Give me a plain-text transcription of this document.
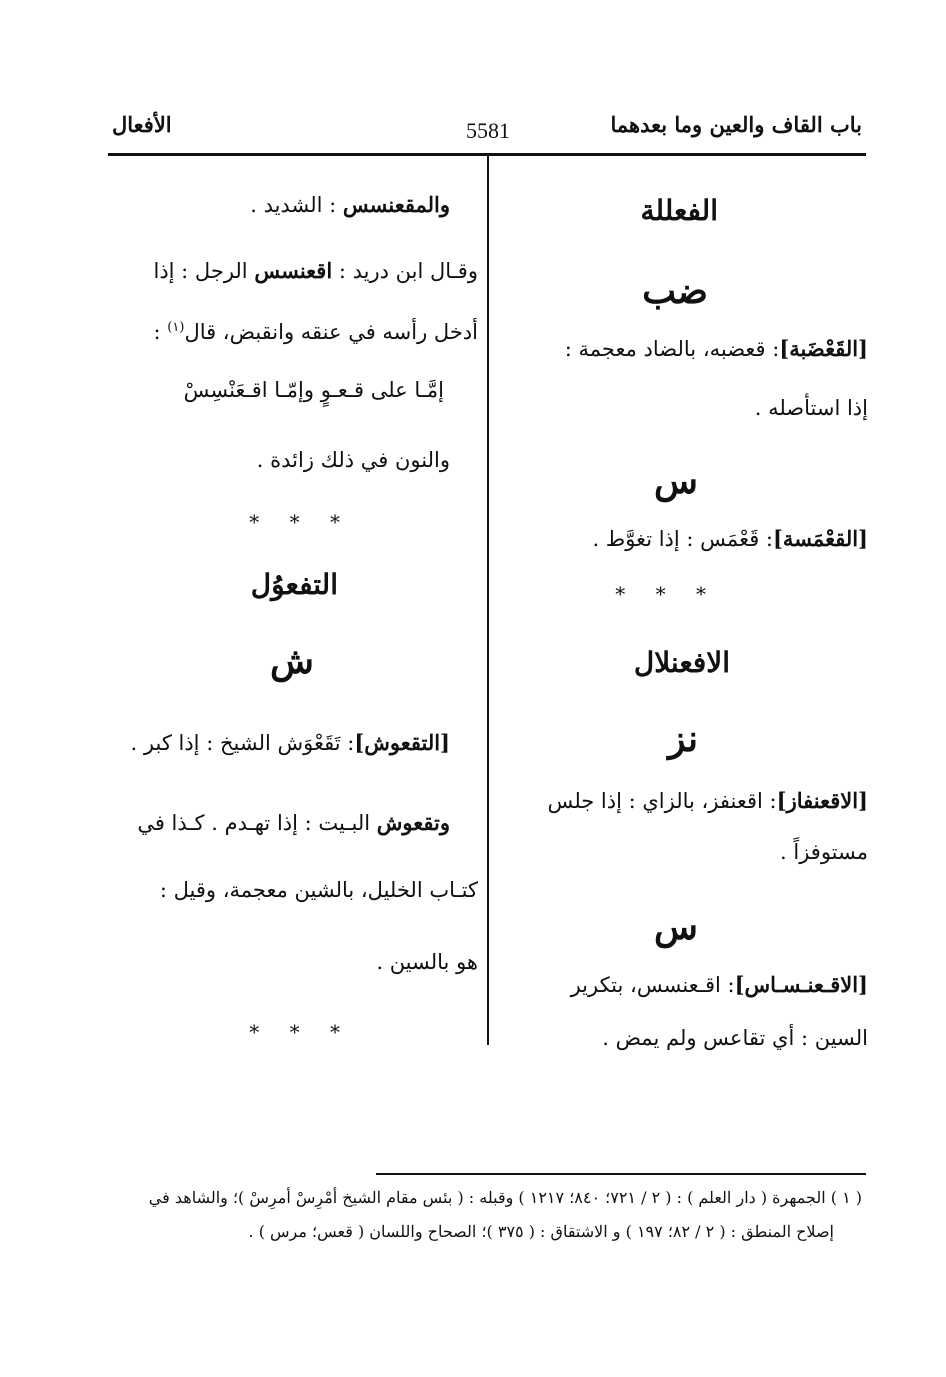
باب القاف والعين وما بعدهما
5581
الأفعال
الفعللة
ضب
[القَعْضَبة]: قعضبه، بالضاد معجمة :
إذا استأصله .
س
[القعْمَسة]: قَعْمَس : إذا تغوَّط .
* * *
الافعنلال
نز
[الاقعنفاز]: اقعنفز، بالزاي : إذا جلس
مستوفزاً .
س
[الاقـعنـسـاس]: اقـعنسس، بتكرير
السين : أي تقاعس ولم يمض .
والمقعنسس : الشديد .
وقـال ابن دريد : اقعنسس الرجل : إذا
أدخل رأسه في عنقه وانقبض، قال$^{(١)}$ :
إمَّـا على قـعـوٍ وإمّـا اقـعَنْسِسْ
والنون في ذلك زائدة .
* * *
التفعوُل
ش
[التقعوش]: تَقَعْوَش الشيخ : إذا كبر .
وتقعوش البـيت : إذا تهـدم . كـذا في
كتـاب الخليل، بالشين معجمة، وقيل :
هو بالسين .
* * *
( ١ ) الجمهرة ( دار العلم ) : ( ٢ / ٧٢١؛ ٨٤٠؛ ١٢١٧ ) وقبله : ( بئس مقام الشيخ أمْرِسْ أمرِسْ )؛ والشاهد في
إصلاح المنطق : ( ٢ / ٨٢؛ ١٩٧ ) و الاشتقاق : ( ٣٧٥ )؛ الصحاح واللسان ( قعس؛ مرس ) .
